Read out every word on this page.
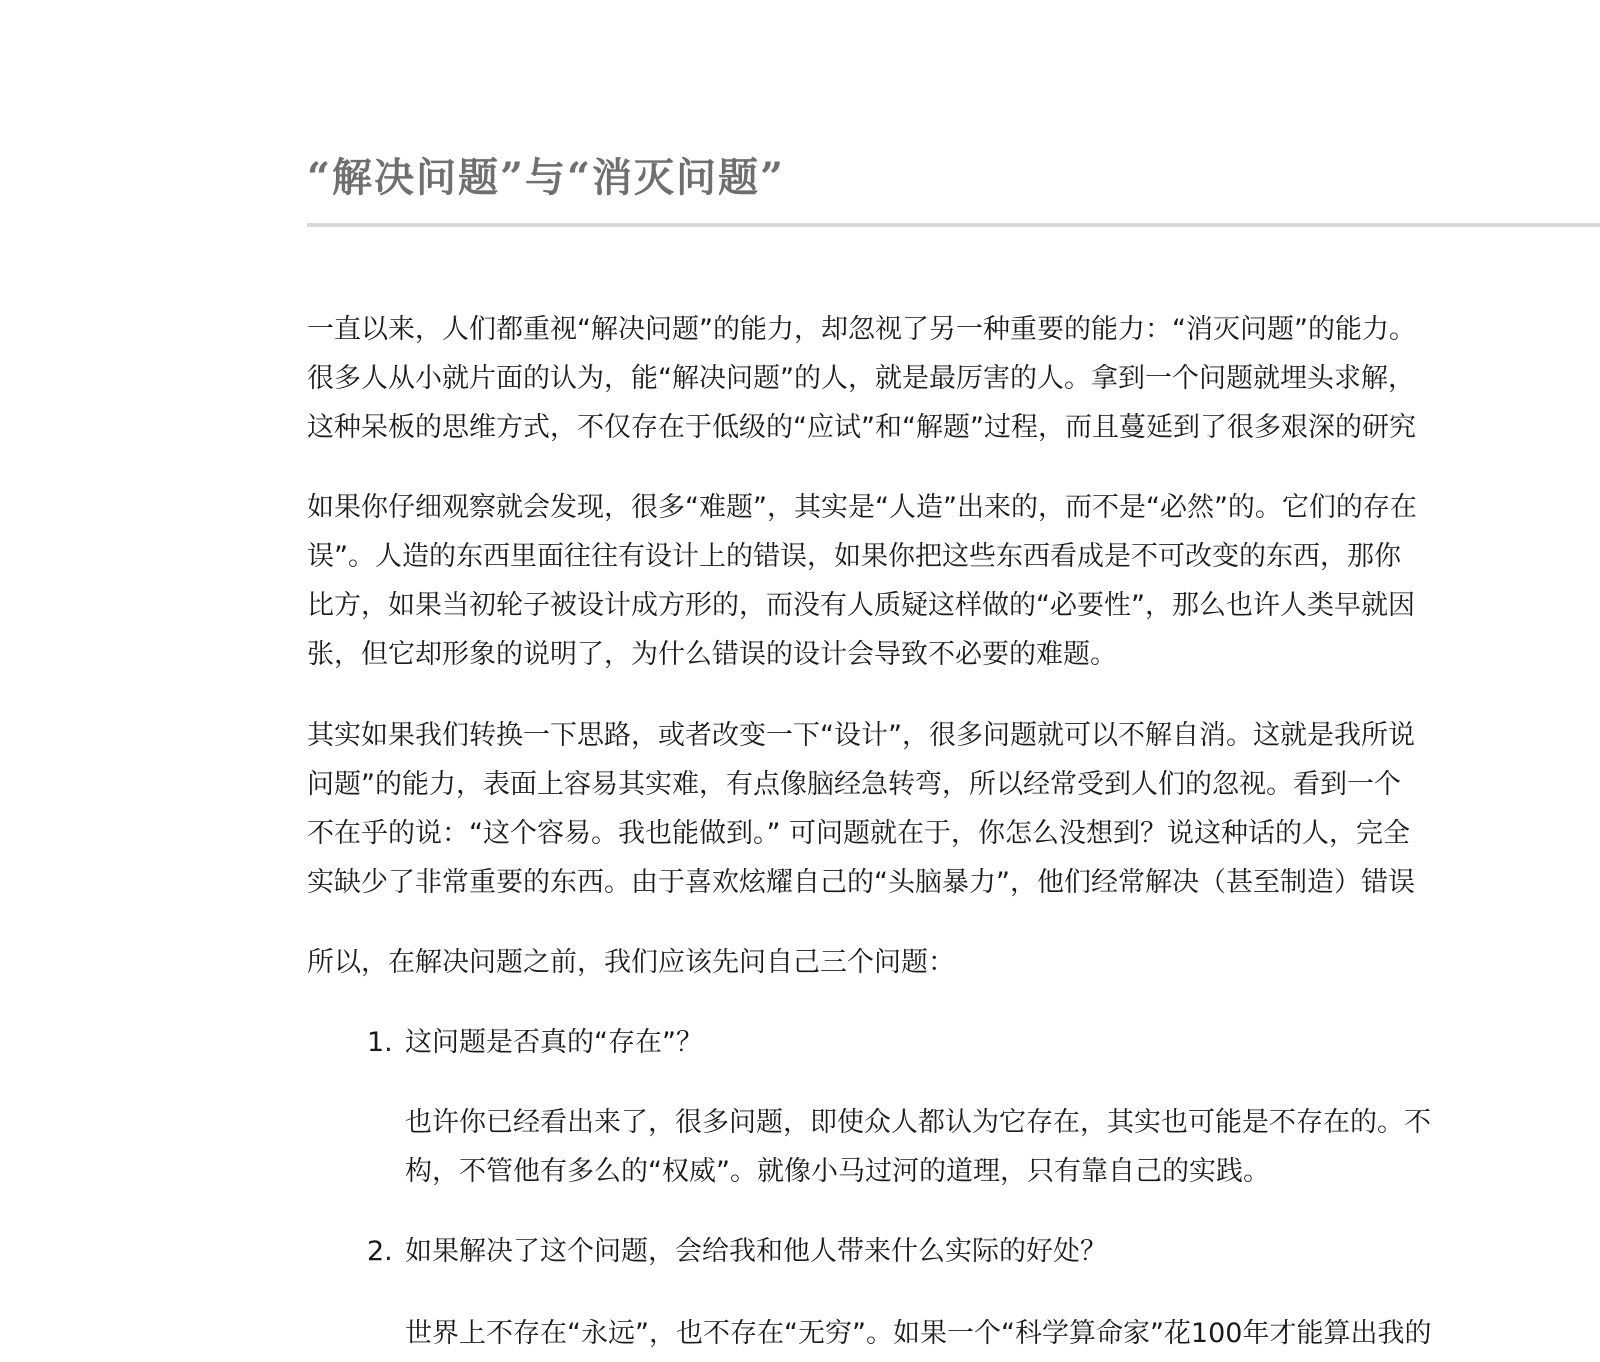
“解决问题”与“消灭问题”

一直以来，人们都重视“解决问题”的能力，却忽视了另一种重要的能力：“消灭问题”的能力。
很多人从小就片面的认为，能“解决问题”的人，就是最厉害的人。拿到一个问题就埋头求解，
这种呆板的思维方式，不仅存在于低级的“应试”和“解题”过程，而且蔓延到了很多艰深的研究

如果你仔细观察就会发现，很多“难题”，其实是“人造”出来的，而不是“必然”的。它们的存在
误”。人造的东西里面往往有设计上的错误，如果你把这些东西看成是不可改变的东西，那你
比方，如果当初轮子被设计成方形的，而没有人质疑这样做的“必要性”，那么也许人类早就因
张，但它却形象的说明了，为什么错误的设计会导致不必要的难题。

其实如果我们转换一下思路，或者改变一下“设计”，很多问题就可以不解自消。这就是我所说
问题”的能力，表面上容易其实难，有点像脑经急转弯，所以经常受到人们的忽视。看到一个
不在乎的说：“这个容易。我也能做到。” 可问题就在于，你怎么没想到？说这种话的人，完全
实缺少了非常重要的东西。由于喜欢炫耀自己的“头脑暴力”，他们经常解决（甚至制造）错误

所以，在解决问题之前，我们应该先问自己三个问题：

1. 这问题是否真的“存在”？

也许你已经看出来了，很多问题，即使众人都认为它存在，其实也可能是不存在的。不
构，不管他有多么的“权威”。就像小马过河的道理，只有靠自己的实践。

2. 如果解决了这个问题，会给我和他人带来什么实际的好处？

世界上不存在“永远”，也不存在“无穷”。如果一个“科学算命家”花100年才能算出我的
